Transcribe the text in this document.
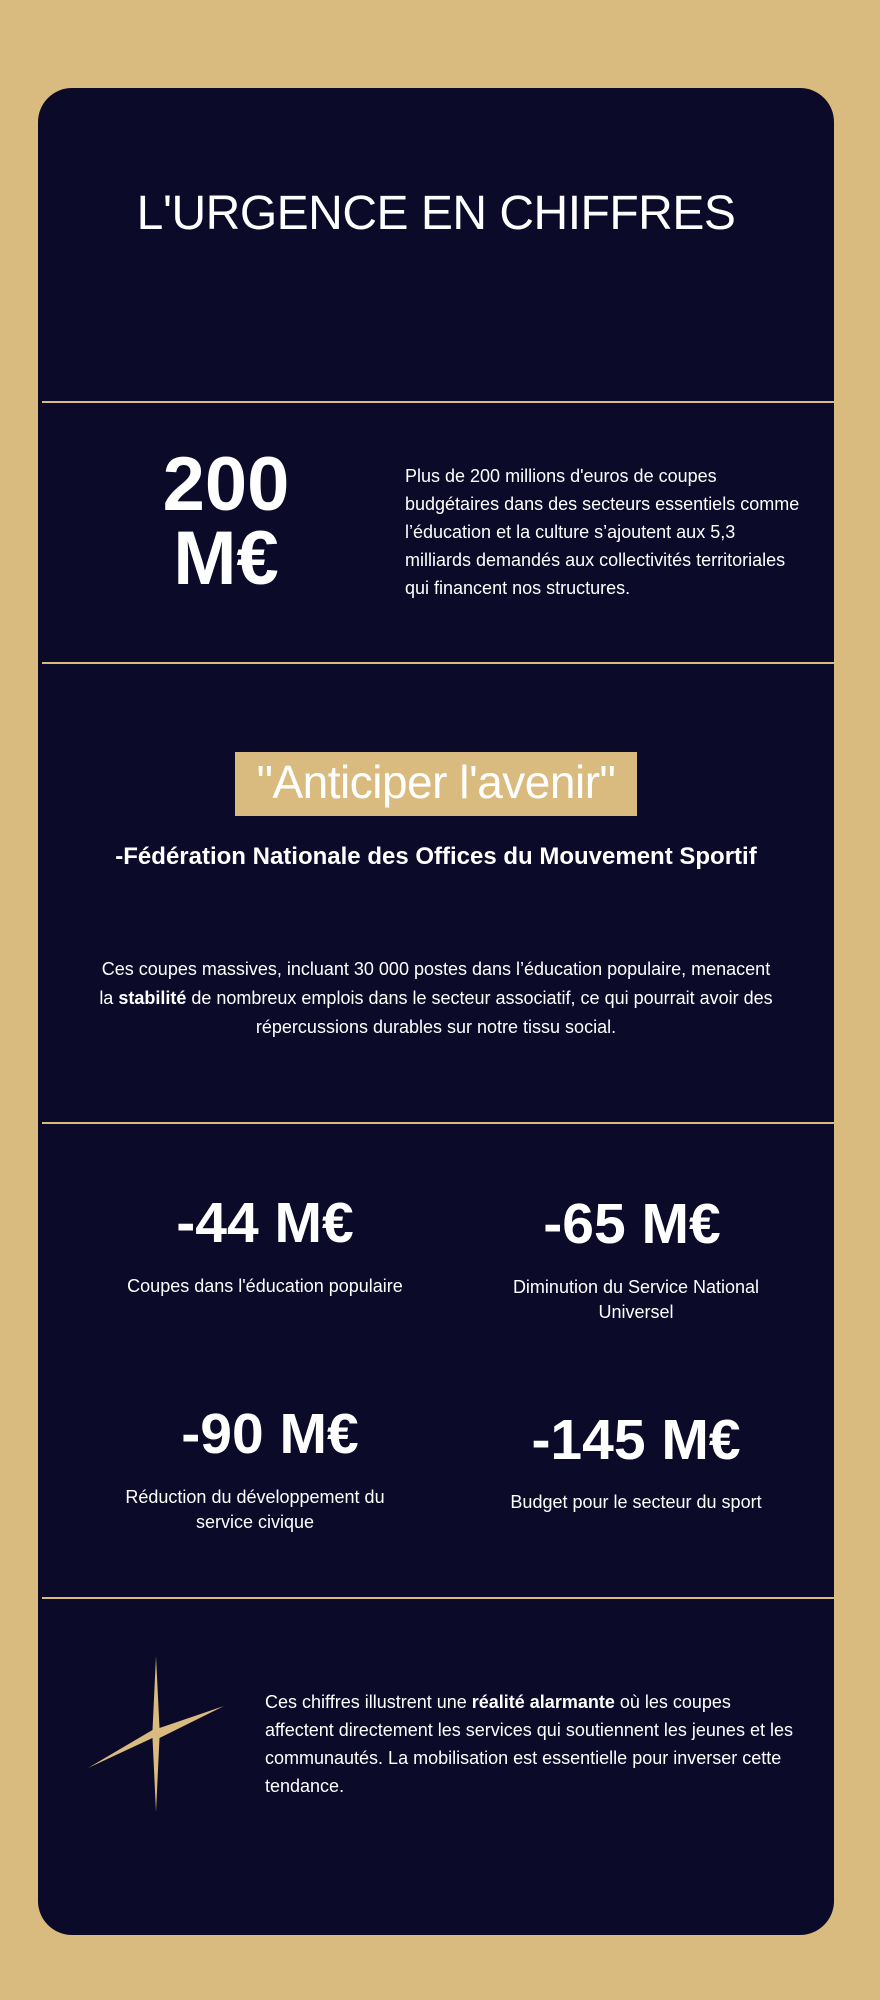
L'URGENCE EN CHIFFRES
200
M€

Plus de 200 millions d'euros de coupes budgétaires dans des secteurs essentiels comme l’éducation et la culture s’ajoutent aux 5,3 milliards demandés aux collectivités territoriales qui financent nos structures.

"Anticiper l'avenir"
-Fédération Nationale des Offices du Mouvement Sportif

Ces coupes massives, incluant 30 000 postes dans l’éducation populaire, menacent la stabilité de nombreux emplois dans le secteur associatif, ce qui pourrait avoir des répercussions durables sur notre tissu social.

-44 M€
Coupes dans l'éducation populaire
-65 M€
Diminution du Service National Universel
-90 M€
Réduction du développement du service civique
-145 M€
Budget pour le secteur du sport

Ces chiffres illustrent une réalité alarmante où les coupes affectent directement les services qui soutiennent les jeunes et les communautés. La mobilisation est essentielle pour inverser cette tendance.
